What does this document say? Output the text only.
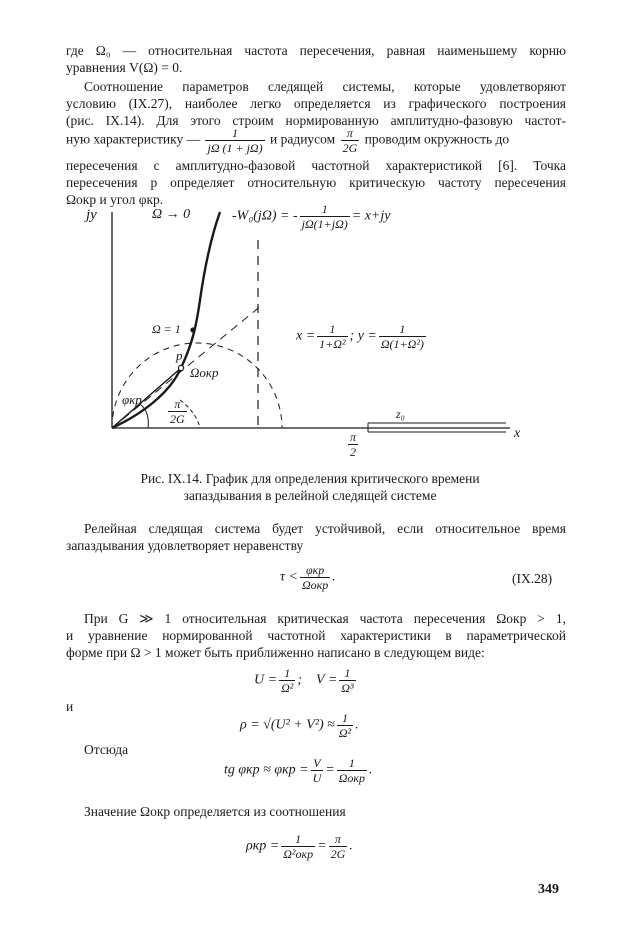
где Ω₀ — относительная частота пересечения, равная наименьшему корню
уравнения V(Ω) = 0.
Соотношение параметров следящей системы, которые удовлетворяют
условию (IX.27), наиболее легко определяется из графического построения
(рис. IX.14). Для этого строим нормированную амплитудно-фазовую частот-
ную характеристику — $\frac{1}{j\Omega (1 + j\Omega)}$ и радиусом $\frac{\pi}{2G}$ проводим окружность до
пересечения с амплитудно-фазовой частотной характеристикой [6]. Точка
пересечения p определяет относительную критическую частоту пересечения
Ωокр и угол φкр.
jy	Ω → 0	-W₀(jΩ) = - $\frac{1}{j\Omega(1+j\Omega)} = x+jy$
Ω = 1
p
Ωокр
φкр $\frac{\pi}{2G}$
$x = \frac{1}{\text{1+Ω²}}$ ; $y = \frac{1}{\text{Ω(1+Ω²)}}$
$\frac{\pi}{2}$
z₀
x
Рис. IX.14. График для определения критического времени
запаздывания в релейной следящей системе
Релейная следящая система будет устойчивой, если относительное время
запаздывания удовлетворяет неравенству
$\tau < \frac{\text{φкр}}{\text{Ωокр}}$ .	(IX.28)
При G ≫ 1 относительная критическая частота пересечения Ωокр > 1,
и уравнение нормированной частотной характеристики в параметрической
форме при Ω > 1 может быть приближенно написано в следующем виде:
$U = \frac{1}{\text{Ω²}}$ ; $V = \frac{1}{\text{Ω³}}$
и
$\rho = √(U^2 + V^2) \approx \frac{1}{\text{Ω²}}$ .
Отсюда
tg $\varphi кр \approx \varphi кр = \frac{V}{U} = \frac{1}{\text{Ωокр}}$ .
Значение Ωокр определяется из соотношения
$\rho кр = \frac{1}{\text{Ω²окр}} = \frac{\pi}{2G}$ .
349
